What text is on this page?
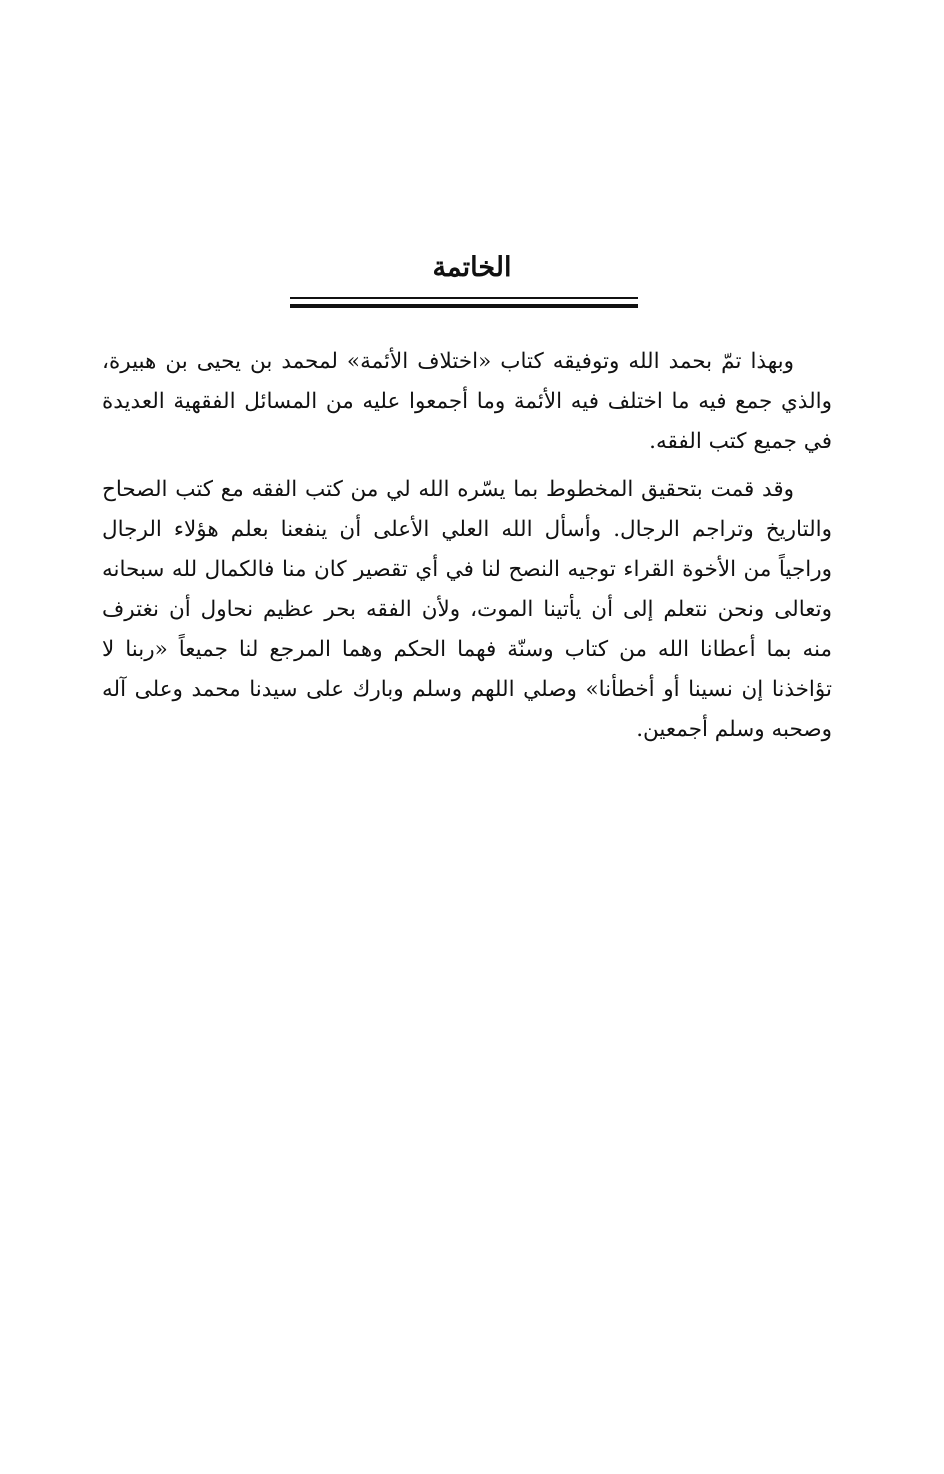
الخاتمة
وبهذا تمّ بحمد الله وتوفيقه كتاب «اختلاف الأئمة» لمحمد بن يحيى بن هبيرة،
والذي جمع فيه ما اختلف فيه الأئمة وما أجمعوا عليه من المسائل الفقهية العديدة
في جميع كتب الفقه.
وقد قمت بتحقيق المخطوط بما يسّره الله لي من كتب الفقه مع كتب الصحاح
والتاريخ وتراجم الرجال. وأسأل الله العلي الأعلى أن ينفعنا بعلم هؤلاء الرجال
وراجياً من الأخوة القراء توجيه النصح لنا في أي تقصير كان منا فالكمال لله سبحانه
وتعالى ونحن نتعلم إلى أن يأتينا الموت، ولأن الفقه بحر عظيم نحاول أن نغترف
منه بما أعطانا الله من كتاب وسنّة فهما الحكم وهما المرجع لنا جميعاً «ربنا لا
تؤاخذنا إن نسينا أو أخطأنا» وصلي اللهم وسلم وبارك على سيدنا محمد وعلى آله
وصحبه وسلم أجمعين.
